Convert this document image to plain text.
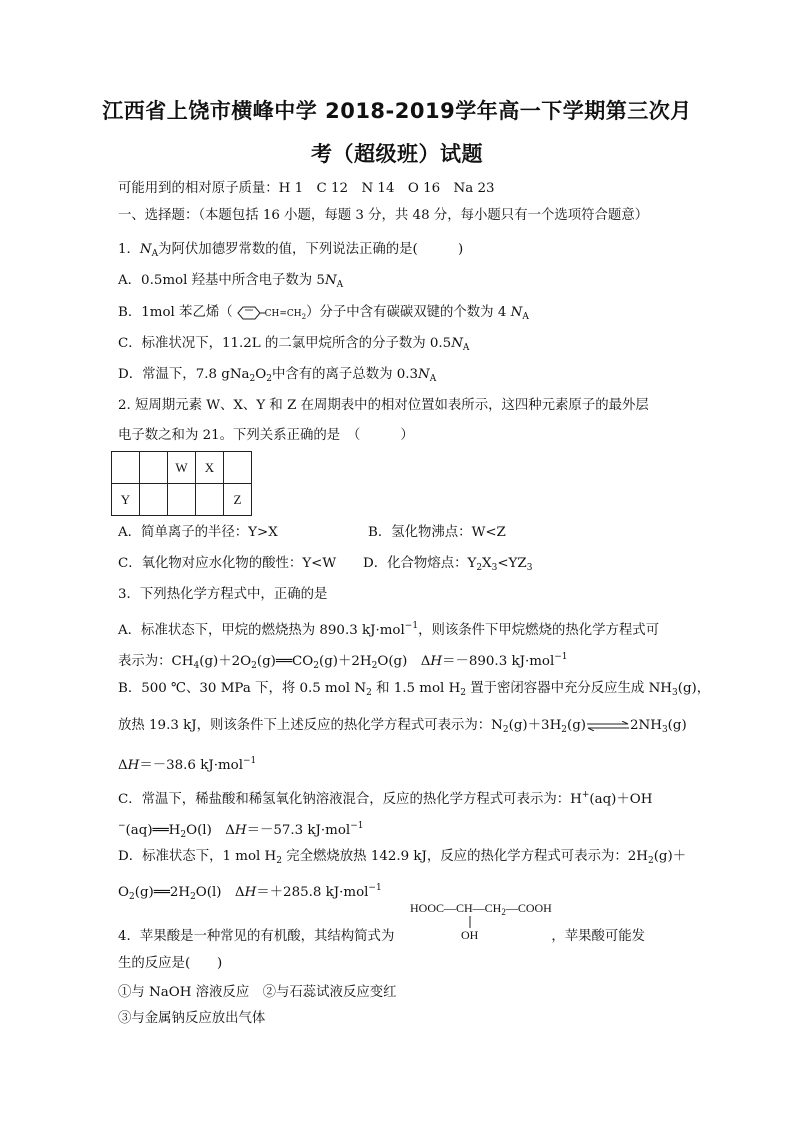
江西省上饶市横峰中学 2018-2019学年高一下学期第三次月
考（超级班）试题
可能用到的相对原子质量：H 1　C 12　N 14　O 16　Na 23
一、选择题：（本题包括 16 小题，每题 3 分，共 48 分，每小题只有一个选项符合题意）
1．$N_A$为阿伏加德罗常数的值，下列说法正确的是(　　　)
A．0.5mol 羟基中所含电子数为 $5N_A$
B．1mol 苯乙烯（	$CH=CH_2$）分子中含有碳碳双键的个数为 4 $N_A$
C．标准状况下，11.2L 的二氯甲烷所含的分子数为 $0.5N_A$
D．常温下，7.8 $gNa_2O_2$中含有的离子总数为 $0.3N_A$
2. 短周期元素 W、X、Y 和 Z 在周期表中的相对位置如表所示，这四种元素原子的最外层
电子数之和为 21。下列关系正确的是　（　　　）
		W	X	
Y				Z
A．简单离子的半径：Y>X	B．氢化物沸点：W<Z
C．氧化物对应水化物的酸性：Y<W D．化合物熔点：$Y_2X_3<YZ_3$
3．下列热化学方程式中，正确的是
A．标准状态下，甲烷的燃烧热为 890.3 kJ·mol$^{-1}$，则该条件下甲烷燃烧的热化学方程式可
表示为：$CH_4(g)+2O_2(g)══CO_2(g)+2H_2O(g)$　ΔH＝－890.3 kJ·mol$^{-1}$
B．500 ℃、30 MPa 下，将 0.5 mol $N_2$ 和 1.5 mol $H_2$ 置于密闭容器中充分反应生成 $NH_3(g)$，
放热 19.3 kJ，则该条件下上述反应的热化学方程式可表示为：$N_2(g)+3H_2(g)\rightleftharpoons 2NH_3(g)$
ΔH＝－38.6 kJ·mol$^{-1}$
C．常温下，稀盐酸和稀氢氧化钠溶液混合，反应的热化学方程式可表示为：H+(aq)＋OH
$^-(aq)══H_2O(l)$　ΔH＝－57.3 kJ·mol$^{-1}$
D．标准状态下，1 mol $H_2$ 完全燃烧放热 142.9 kJ，反应的热化学方程式可表示为：$2H_2(g)+$
$O_2(g)══2H_2O(l)$　ΔH＝＋285.8 kJ·mol$^{-1}$
$HOOC—CH—CH_2—COOH$
OH
4．苹果酸是一种常见的有机酸，其结构简式为	，苹果酸可能发
生的反应是(　　)
①与 NaOH 溶液反应　②与石蕊试液反应变红
③与金属钠反应放出气体
